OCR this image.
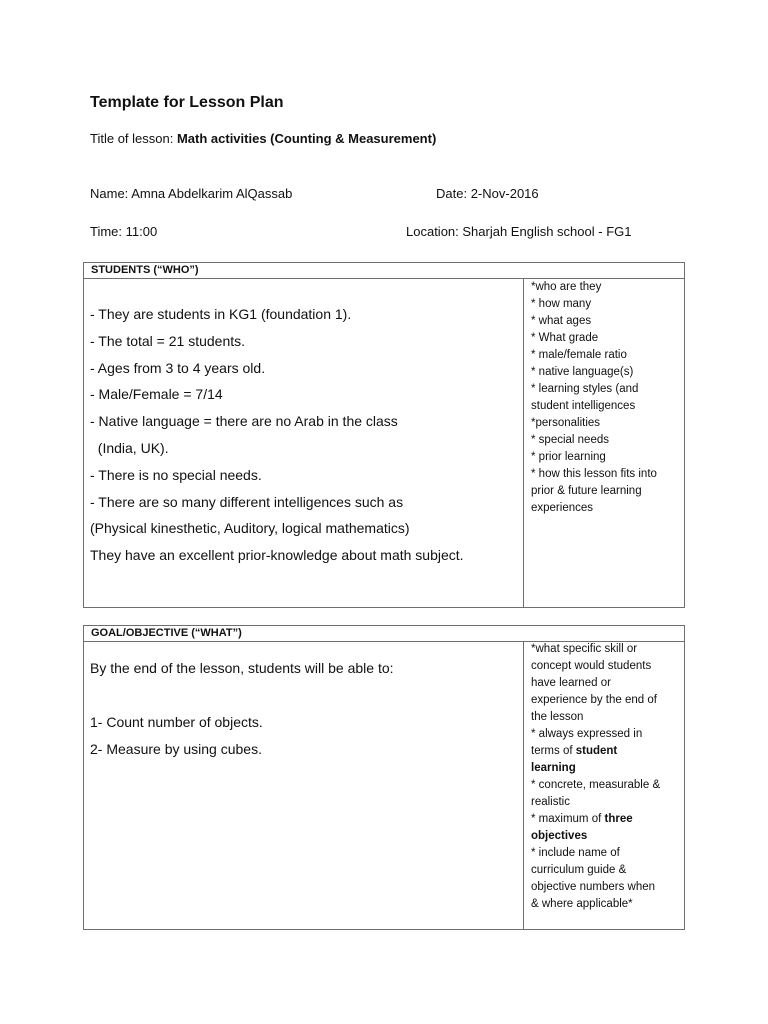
Template for Lesson Plan
Title of lesson: Math activities (Counting & Measurement)
Name: Amna Abdelkarim AlQassab	Date: 2-Nov-2016
Time: 11:00	Location: Sharjah English school - FG1
STUDENTS (“WHO”)
- They are students in KG1 (foundation 1).
- The total = 21 students.
- Ages from 3 to 4 years old.
- Male/Female = 7/14
- Native language = there are no Arab in the class
(India, UK).
- There is no special needs.
- There are so many different intelligences such as
(Physical kinesthetic, Auditory, logical mathematics)
They have an excellent prior-knowledge about math subject.
*who are they
* how many
* what ages
* What grade
* male/female ratio
* native language(s)
* learning styles (and
student intelligences
*personalities
* special needs
* prior learning
* how this lesson fits into
prior & future learning
experiences
GOAL/OBJECTIVE (“WHAT”)
By the end of the lesson, students will be able to:
1- Count number of objects.
2- Measure by using cubes.
*what specific skill or
concept would students
have learned or
experience by the end of
the lesson
* always expressed in
terms of student
learning
* concrete, measurable &
realistic
* maximum of three
objectives
* include name of
curriculum guide &
objective numbers when
& where applicable*
